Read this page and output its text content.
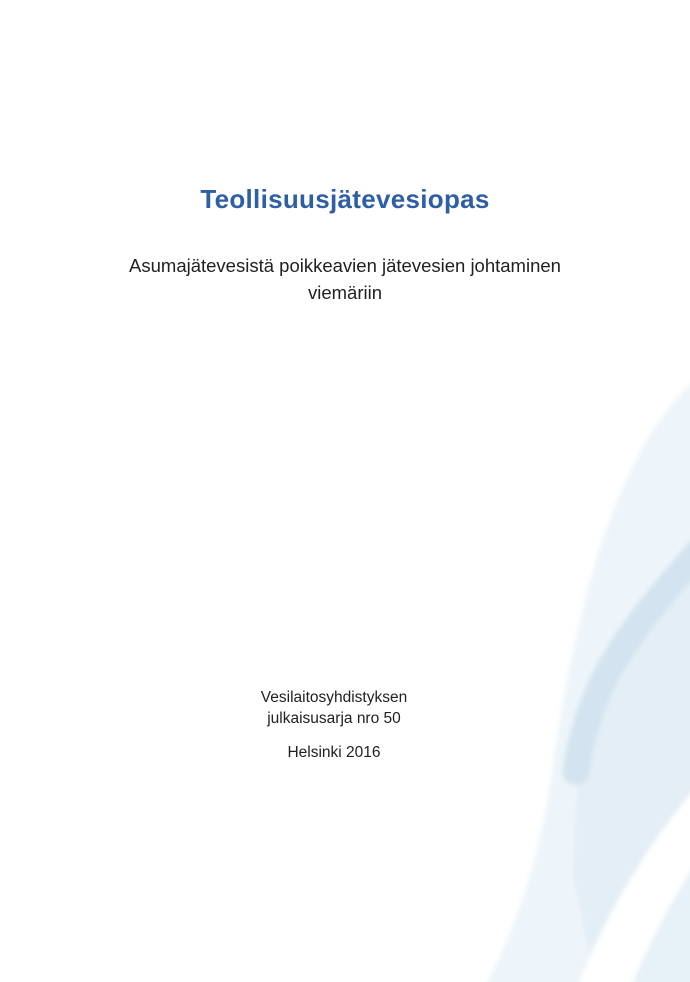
Teollisuusjätevesiopas

Asumajätevesistä poikkeavien jätevesien johtaminen
viemäriin

Vesilaitosyhdistyksen
julkaisusarja nro 50
Helsinki 2016
